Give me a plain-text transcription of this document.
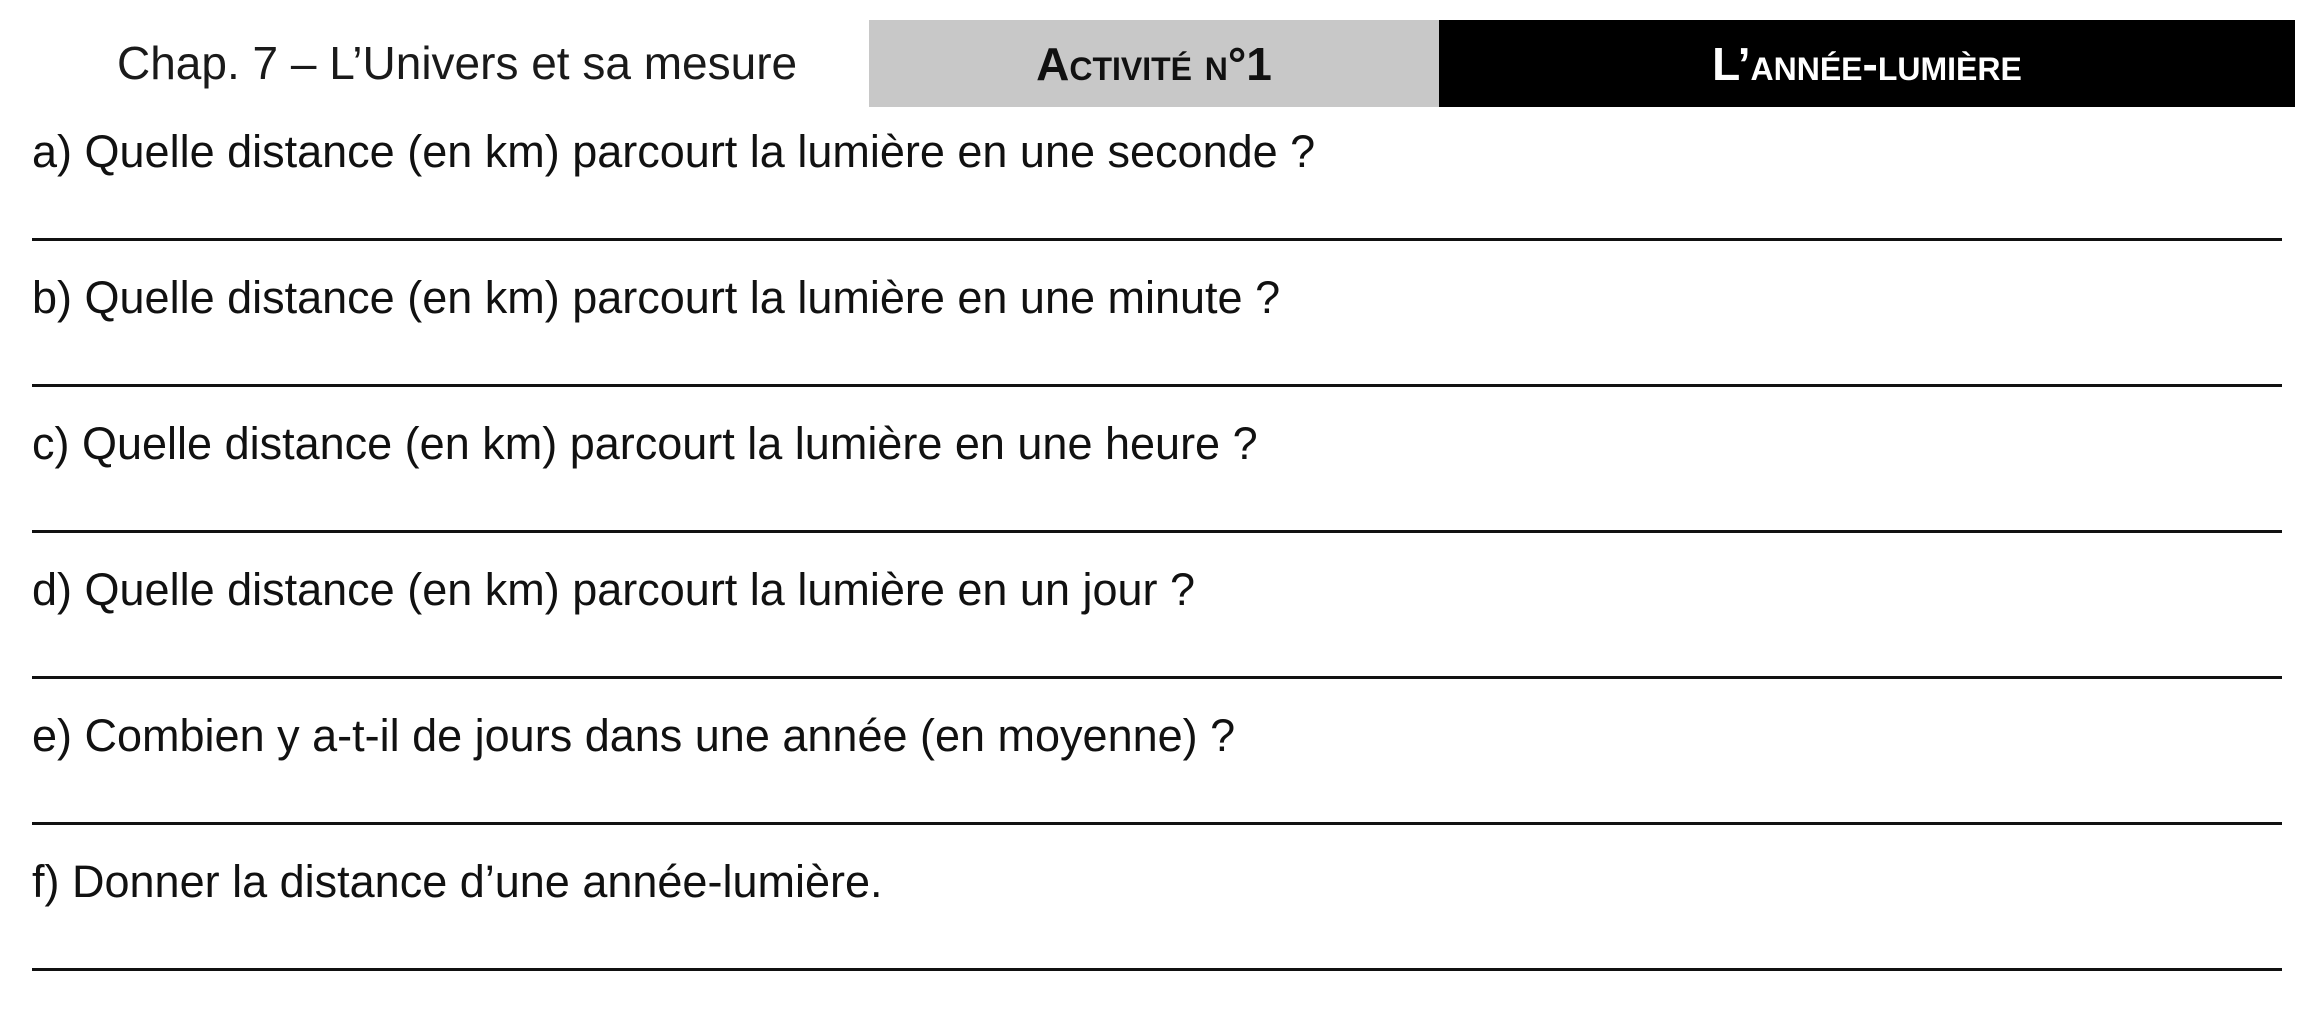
Chap. 7 – L’Univers et sa mesure	Activité n°1	L’année-lumière
a) Quelle distance (en km) parcourt la lumière en une seconde ?
b) Quelle distance (en km) parcourt la lumière en une minute ?
c) Quelle distance (en km) parcourt la lumière en une heure ?
d) Quelle distance (en km) parcourt la lumière en un jour ?
e) Combien y a-t-il de jours dans une année (en moyenne) ?
f) Donner la distance d’une année-lumière.
